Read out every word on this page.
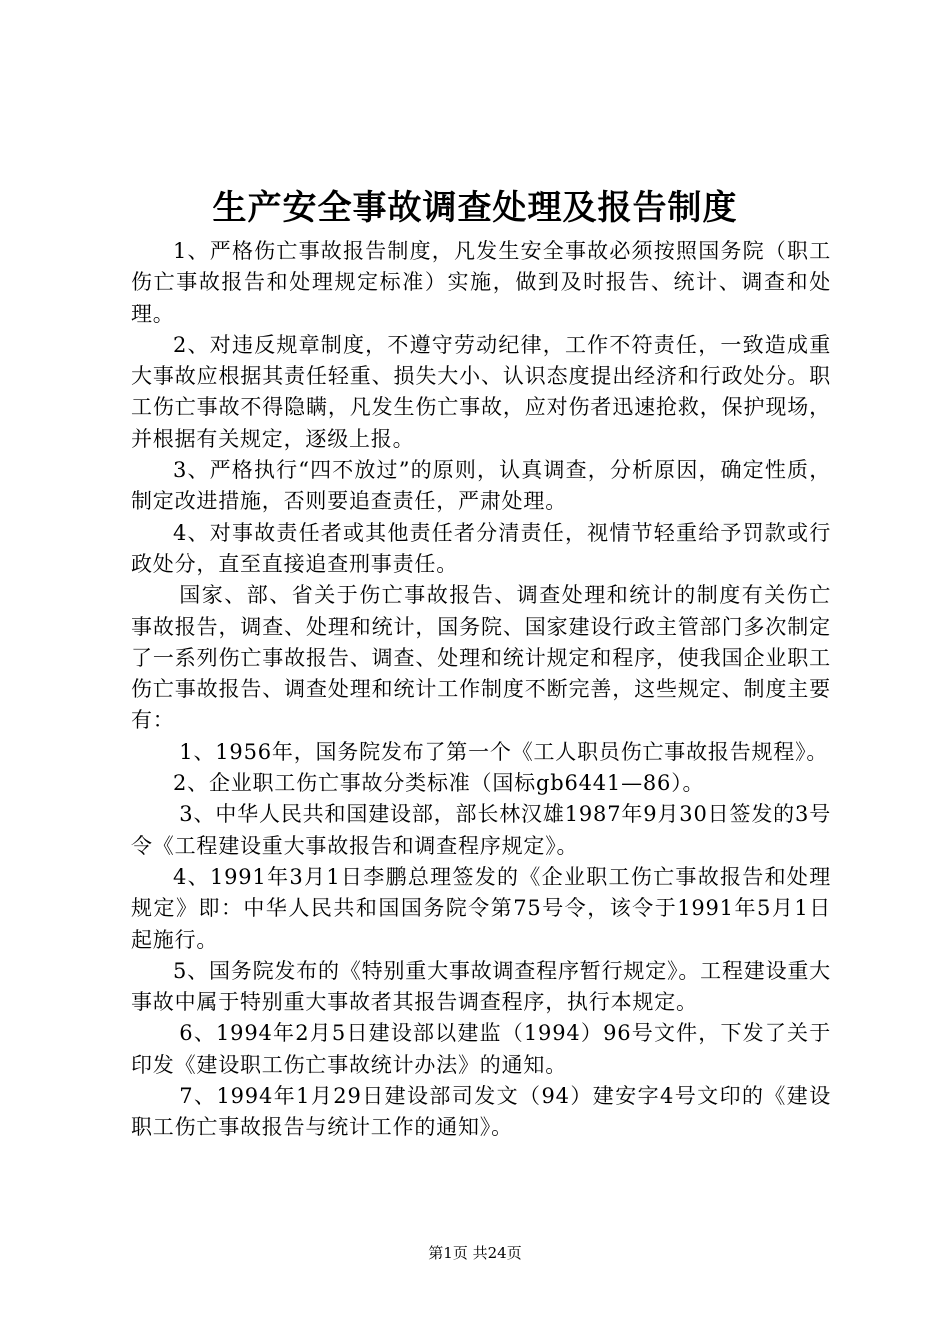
生产安全事故调查处理及报告制度

1、严格伤亡事故报告制度，凡发生安全事故必须按照国务院（职工伤亡事故报告和处理规定标准）实施，做到及时报告、统计、调查和处理。

2、对违反规章制度，不遵守劳动纪律，工作不符责任，一致造成重大事故应根据其责任轻重、损失大小、认识态度提出经济和行政处分。职工伤亡事故不得隐瞒，凡发生伤亡事故，应对伤者迅速抢救，保护现场，并根据有关规定，逐级上报。

3、严格执行“四不放过”的原则，认真调查，分析原因，确定性质，制定改进措施，否则要追查责任，严肃处理。

4、对事故责任者或其他责任者分清责任，视情节轻重给予罚款或行政处分，直至直接追查刑事责任。

国家、部、省关于伤亡事故报告、调查处理和统计的制度有关伤亡事故报告，调查、处理和统计，国务院、国家建设行政主管部门多次制定了一系列伤亡事故报告、调查、处理和统计规定和程序，使我国企业职工伤亡事故报告、调查处理和统计工作制度不断完善，这些规定、制度主要有：

1、1956年，国务院发布了第一个《工人职员伤亡事故报告规程》。

2、企业职工伤亡事故分类标准（国标gb6441—86）。

3、中华人民共和国建设部，部长林汉雄1987年9月30日签发的3号令《工程建设重大事故报告和调查程序规定》。

4、1991年3月1日李鹏总理签发的《企业职工伤亡事故报告和处理规定》即：中华人民共和国国务院令第75号令，该令于1991年5月1日起施行。

5、国务院发布的《特别重大事故调查程序暂行规定》。工程建设重大事故中属于特别重大事故者其报告调查程序，执行本规定。

6、1994年2月5日建设部以建监（1994）96号文件，下发了关于印发《建设职工伤亡事故统计办法》的通知。

7、1994年1月29日建设部司发文（94）建安字4号文印的《建设职工伤亡事故报告与统计工作的通知》。

第1页 共24页
